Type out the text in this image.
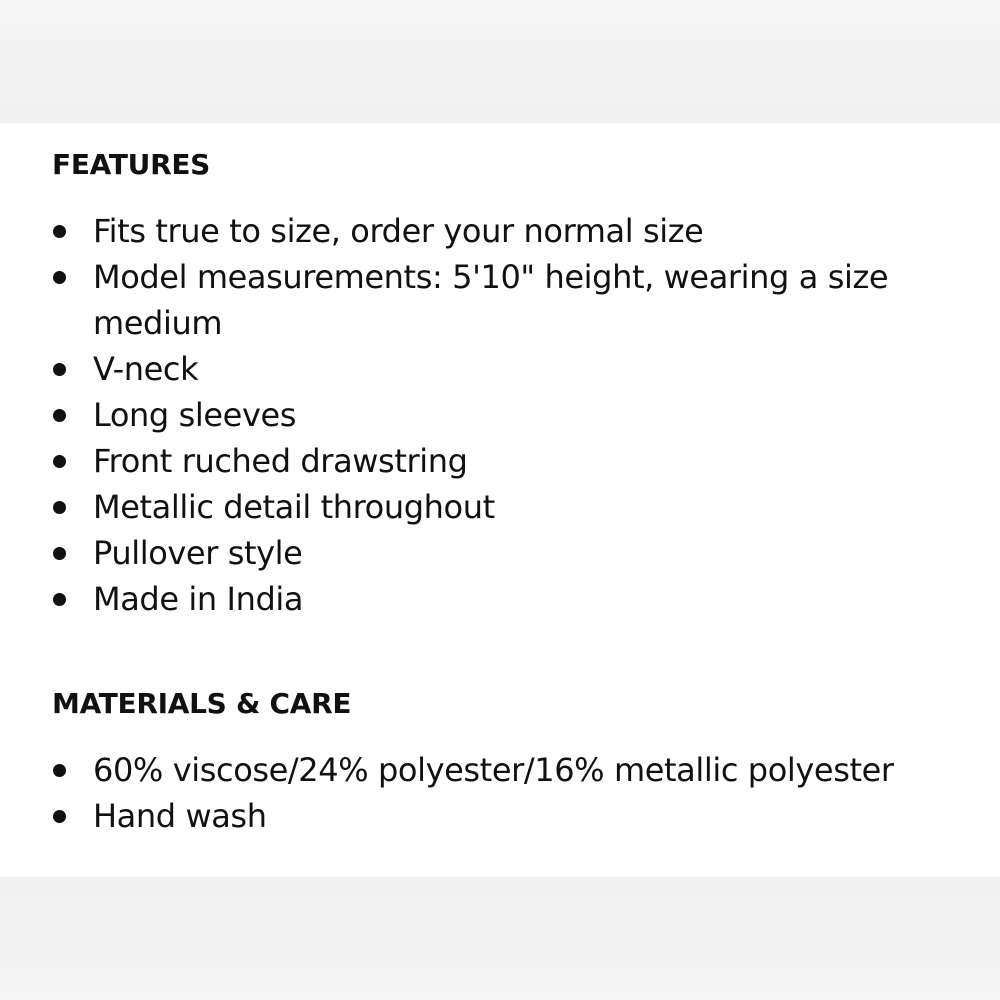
FEATURES
Fits true to size, order your normal size
Model measurements: 5'10" height, wearing a size medium
V-neck
Long sleeves
Front ruched drawstring
Metallic detail throughout
Pullover style
Made in India
MATERIALS & CARE
60% viscose/24% polyester/16% metallic polyester
Hand wash
